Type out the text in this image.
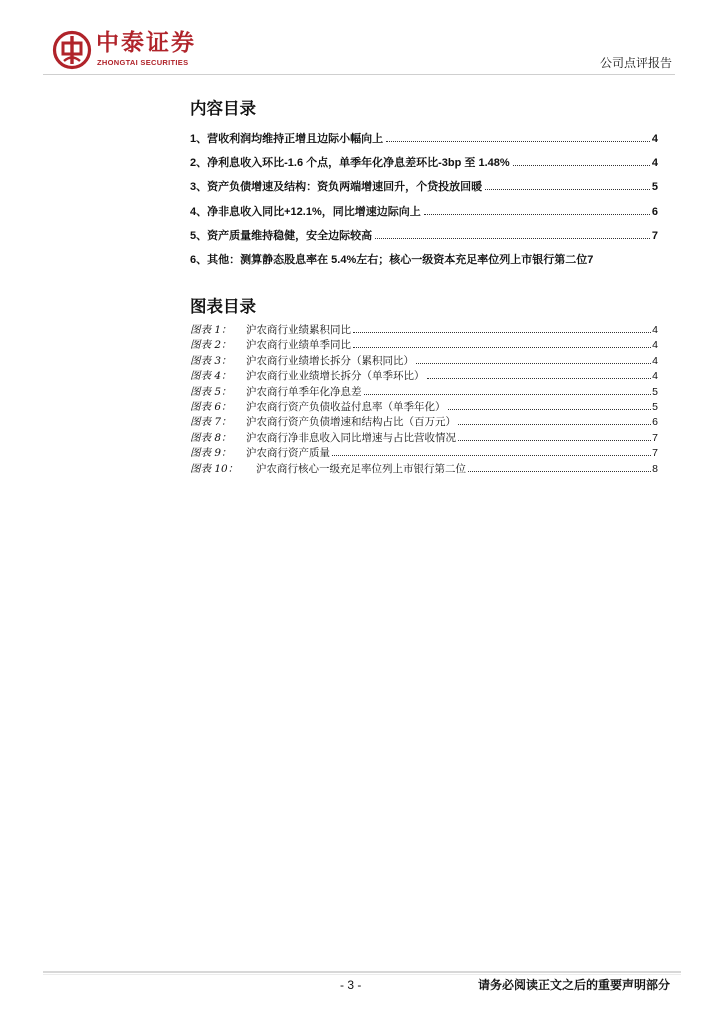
中泰证券
ZHONGTAI SECURITIES	公司点评报告
内容目录
1、 营收利润均维持正增且边际小幅向上	4
2、 净利息收入环比-1.6 个点，单季年化净息差环比-3bp 至 1.48%	4
3、 资产负债增速及结构：资负两端增速回升，个贷投放回暖	5
4、 净非息收入同比+12.1%，同比增速边际向上	6
5、 资产质量维持稳健，安全边际较高	7
6、 其他：测算静态股息率在 5.4%左右；核心一级资本充足率位列上市银行第二位 7
图表目录
图表 1：	沪农商行业绩累积同比	4
图表 2：	沪农商行业绩单季同比	4
图表 3：	沪农商行业绩增长拆分（累积同比）	4
图表 4：	沪农商行业业绩增长拆分（单季环比）	4
图表 5：	沪农商行单季年化净息差	5
图表 6：	沪农商行资产负债收益付息率（单季年化）	5
图表 7：	沪农商行资产负债增速和结构占比（百万元）	6
图表 8：	沪农商行净非息收入同比增速与占比营收情况	7
图表 9：	沪农商行资产质量	7
图表 10：	沪农商行核心一级充足率位列上市银行第二位	8
- 3 -	请务必阅读正文之后的重要声明部分
